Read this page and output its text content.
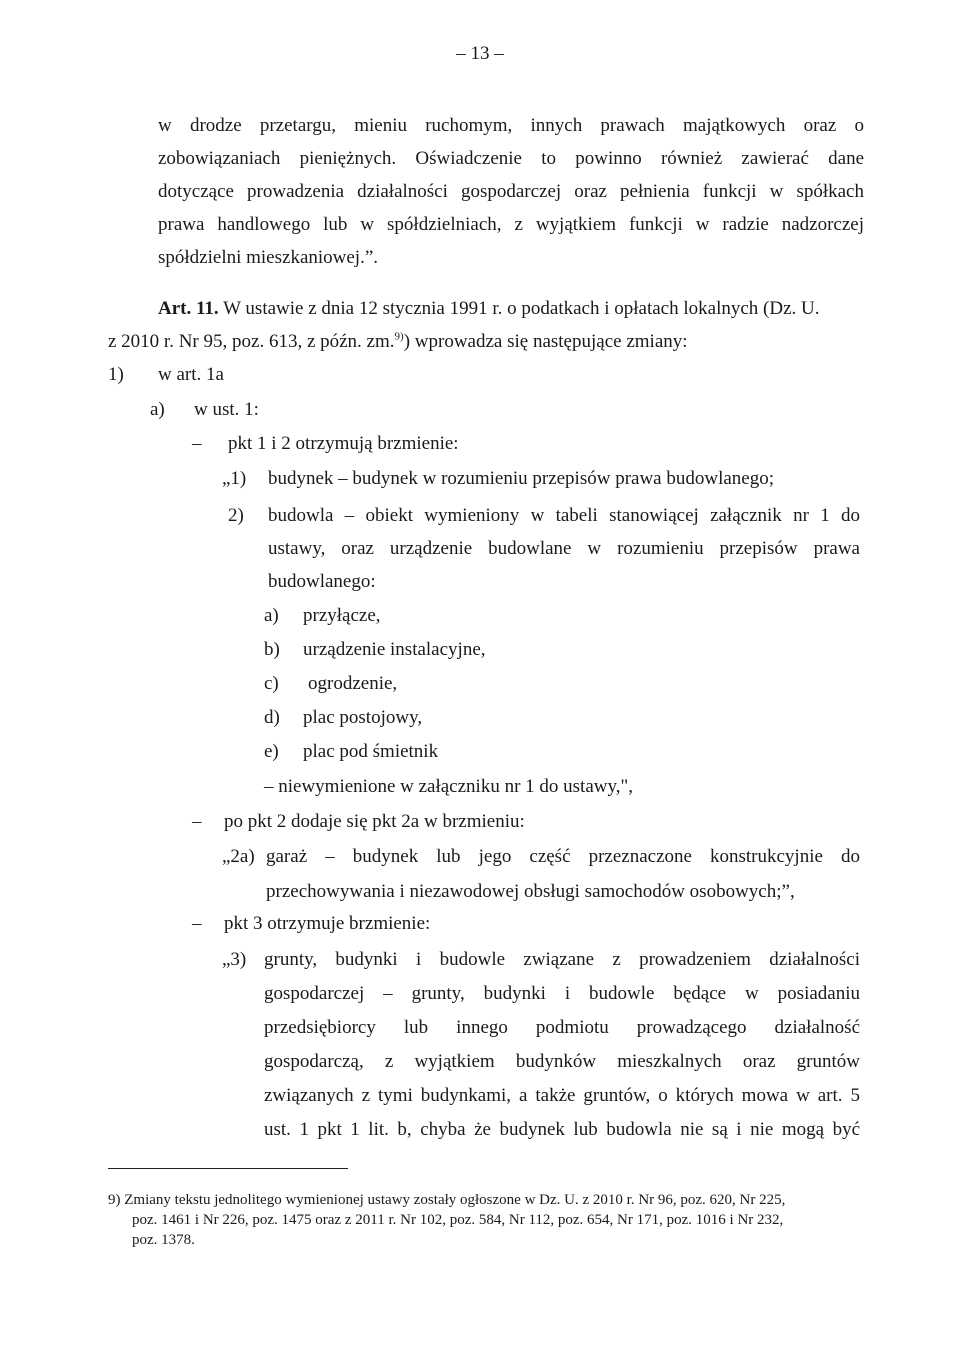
– 13 –
w drodze przetargu, mieniu ruchomym, innych prawach majątkowych oraz o
zobowiązaniach pieniężnych. Oświadczenie to powinno również zawierać dane
dotyczące prowadzenia działalności gospodarczej oraz pełnienia funkcji w spółkach
prawa handlowego lub w spółdzielniach, z wyjątkiem funkcji w radzie nadzorczej
spółdzielni mieszkaniowej.”.
Art. 11. W ustawie z dnia 12 stycznia 1991 r. o podatkach i opłatach lokalnych (Dz. U.
z 2010 r. Nr 95, poz. 613, z późn. zm.$^{9)}$) wprowadza się następujące zmiany:
1) w art. 1a
a) w ust. 1:
– pkt 1 i 2 otrzymują brzmienie:
„1) budynek – budynek w rozumieniu przepisów prawa budowlanego;
2) budowla – obiekt wymieniony w tabeli stanowiącej załącznik nr 1 do
ustawy, oraz urządzenie budowlane w rozumieniu przepisów prawa
budowlanego:
a) przyłącze,
b) urządzenie instalacyjne,
c) ogrodzenie,
d) plac postojowy,
e) plac pod śmietnik
– niewymienione w załączniku nr 1 do ustawy,",
– po pkt 2 dodaje się pkt 2a w brzmieniu:
„2a) garaż – budynek lub jego część przeznaczone konstrukcyjnie do
przechowywania i niezawodowej obsługi samochodów osobowych;”,
– pkt 3 otrzymuje brzmienie:
„3) grunty, budynki i budowle związane z prowadzeniem działalności
gospodarczej – grunty, budynki i budowle będące w posiadaniu
przedsiębiorcy lub innego podmiotu prowadzącego działalność
gospodarczą, z wyjątkiem budynków mieszkalnych oraz gruntów
związanych z tymi budynkami, a także gruntów, o których mowa w art. 5
ust. 1 pkt 1 lit. b, chyba że budynek lub budowla nie są i nie mogą być
9) Zmiany tekstu jednolitego wymienionej ustawy zostały ogłoszone w Dz. U. z 2010 r. Nr 96, poz. 620, Nr 225,
poz. 1461 i Nr 226, poz. 1475 oraz z 2011 r. Nr 102, poz. 584, Nr 112, poz. 654, Nr 171, poz. 1016 i Nr 232,
poz. 1378.
